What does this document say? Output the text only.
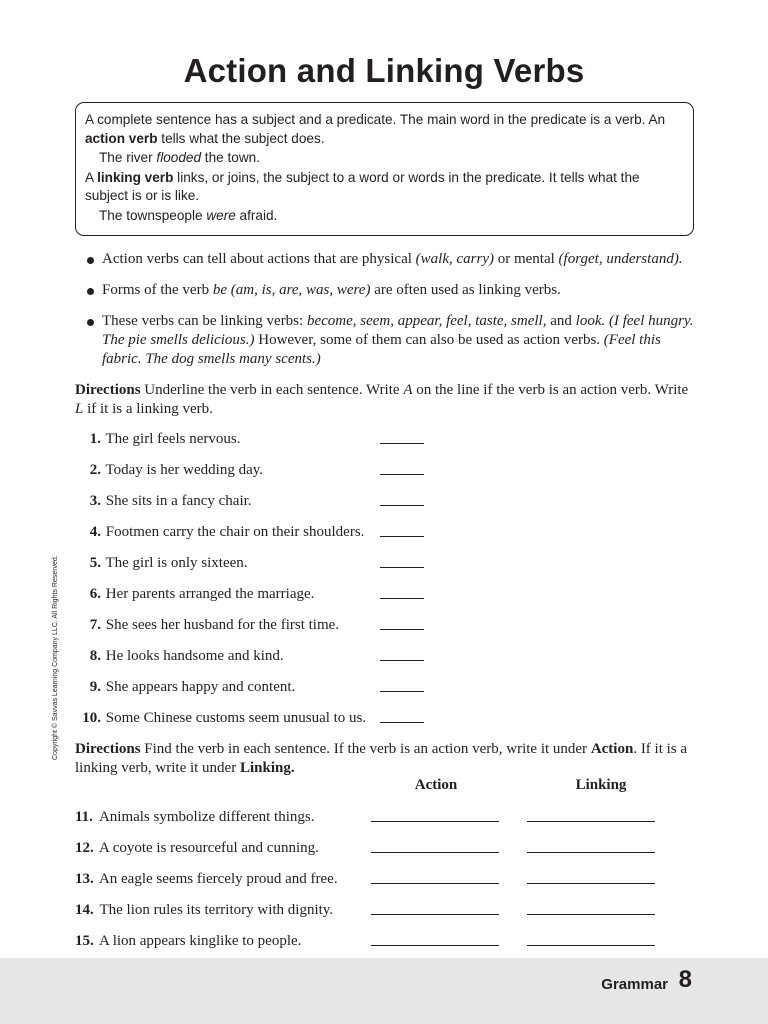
Action and Linking Verbs

A complete sentence has a subject and a predicate. The main word in the predicate is a verb. An action verb tells what the subject does.

The river flooded the town.

A linking verb links, or joins, the subject to a word or words in the predicate. It tells what the subject is or is like.

The townspeople were afraid.

Action verbs can tell about actions that are physical (walk, carry) or mental (forget, understand).
Forms of the verb be (am, is, are, was, were) are often used as linking verbs.
These verbs can be linking verbs: become, seem, appear, feel, taste, smell, and look. (I feel hungry. The pie smells delicious.) However, some of them can also be used as action verbs. (Feel this fabric. The dog smells many scents.)

Directions Underline the verb in each sentence. Write A on the line if the verb is an action verb. Write L if it is a linking verb.

1. The girl feels nervous.
2. Today is her wedding day.
3. She sits in a fancy chair.
4. Footmen carry the chair on their shoulders.
5. The girl is only sixteen.
6. Her parents arranged the marriage.
7. She sees her husband for the first time.
8. He looks handsome and kind.
9. She appears happy and content.
10. Some Chinese customs seem unusual to us.

Directions Find the verb in each sentence. If the verb is an action verb, write it under Action. If it is a linking verb, write it under Linking.

Action	Linking
11. Animals symbolize different things.
12. A coyote is resourceful and cunning.
13. An eagle seems fiercely proud and free.
14. The lion rules its territory with dignity.
15. A lion appears kinglike to people.
Copyright © Savvas Learning Company LLC. All Rights Reserved.
Grammar 8
